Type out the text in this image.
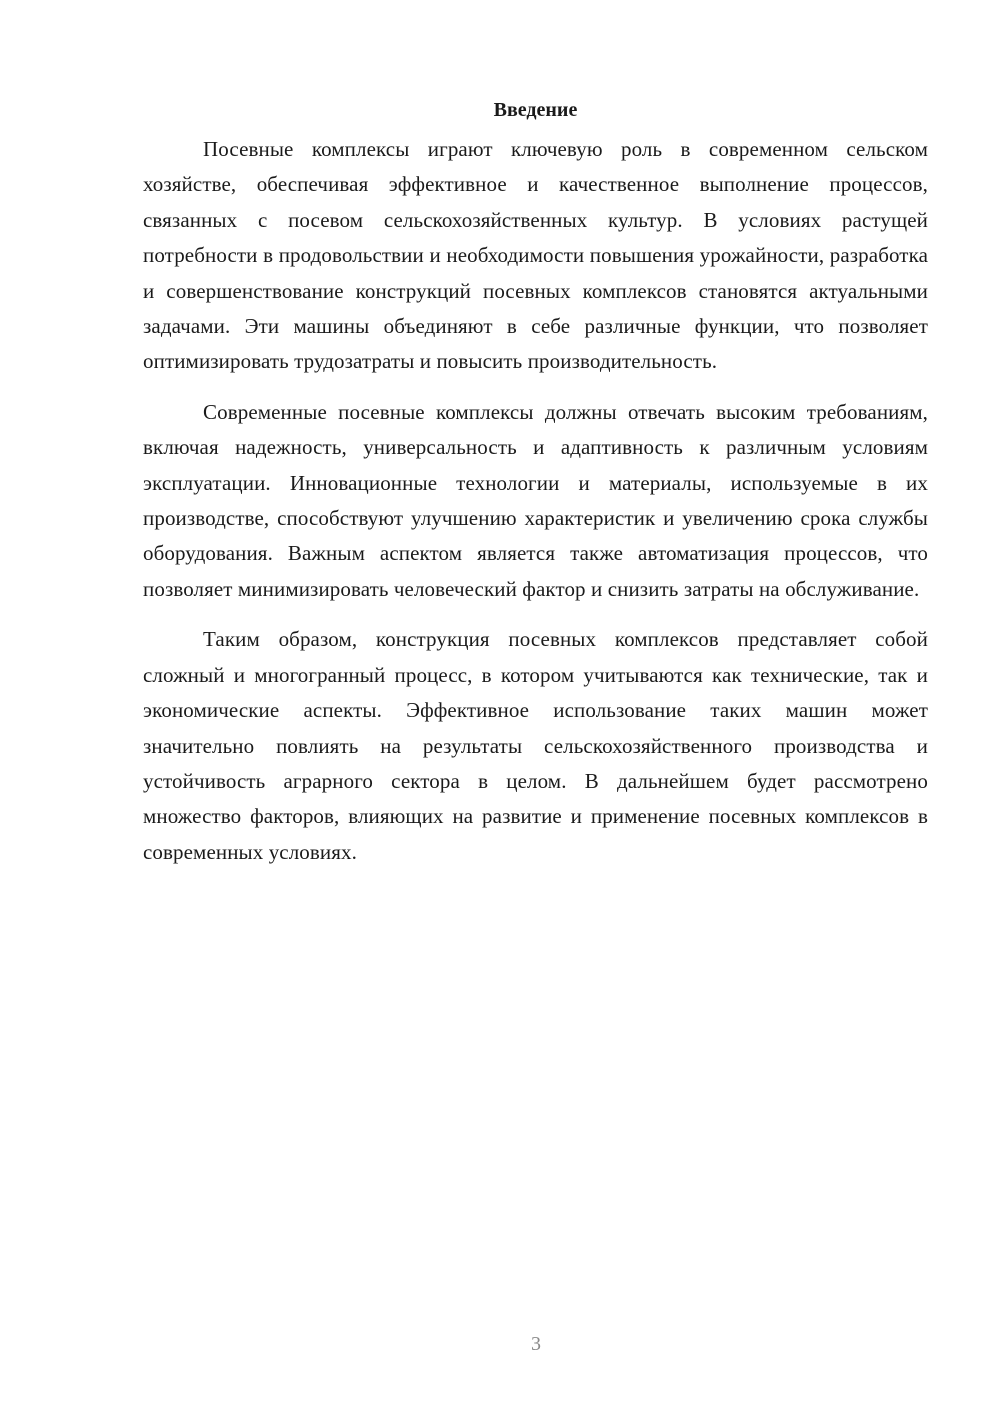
Введение

Посевные комплексы играют ключевую роль в современном сельском хозяйстве, обеспечивая эффективное и качественное выполнение процессов, связанных с посевом сельскохозяйственных культур. В условиях растущей потребности в продовольствии и необходимости повышения урожайности, разработка и совершенствование конструкций посевных комплексов становятся актуальными задачами. Эти машины объединяют в себе различные функции, что позволяет оптимизировать трудозатраты и повысить производительность.

Современные посевные комплексы должны отвечать высоким требованиям, включая надежность, универсальность и адаптивность к различным условиям эксплуатации. Инновационные технологии и материалы, используемые в их производстве, способствуют улучшению характеристик и увеличению срока службы оборудования. Важным аспектом является также автоматизация процессов, что позволяет минимизировать человеческий фактор и снизить затраты на обслуживание.

Таким образом, конструкция посевных комплексов представляет собой сложный и многогранный процесс, в котором учитываются как технические, так и экономические аспекты. Эффективное использование таких машин может значительно повлиять на результаты сельскохозяйственного производства и устойчивость аграрного сектора в целом. В дальнейшем будет рассмотрено множество факторов, влияющих на развитие и применение посевных комплексов в современных условиях.

3
